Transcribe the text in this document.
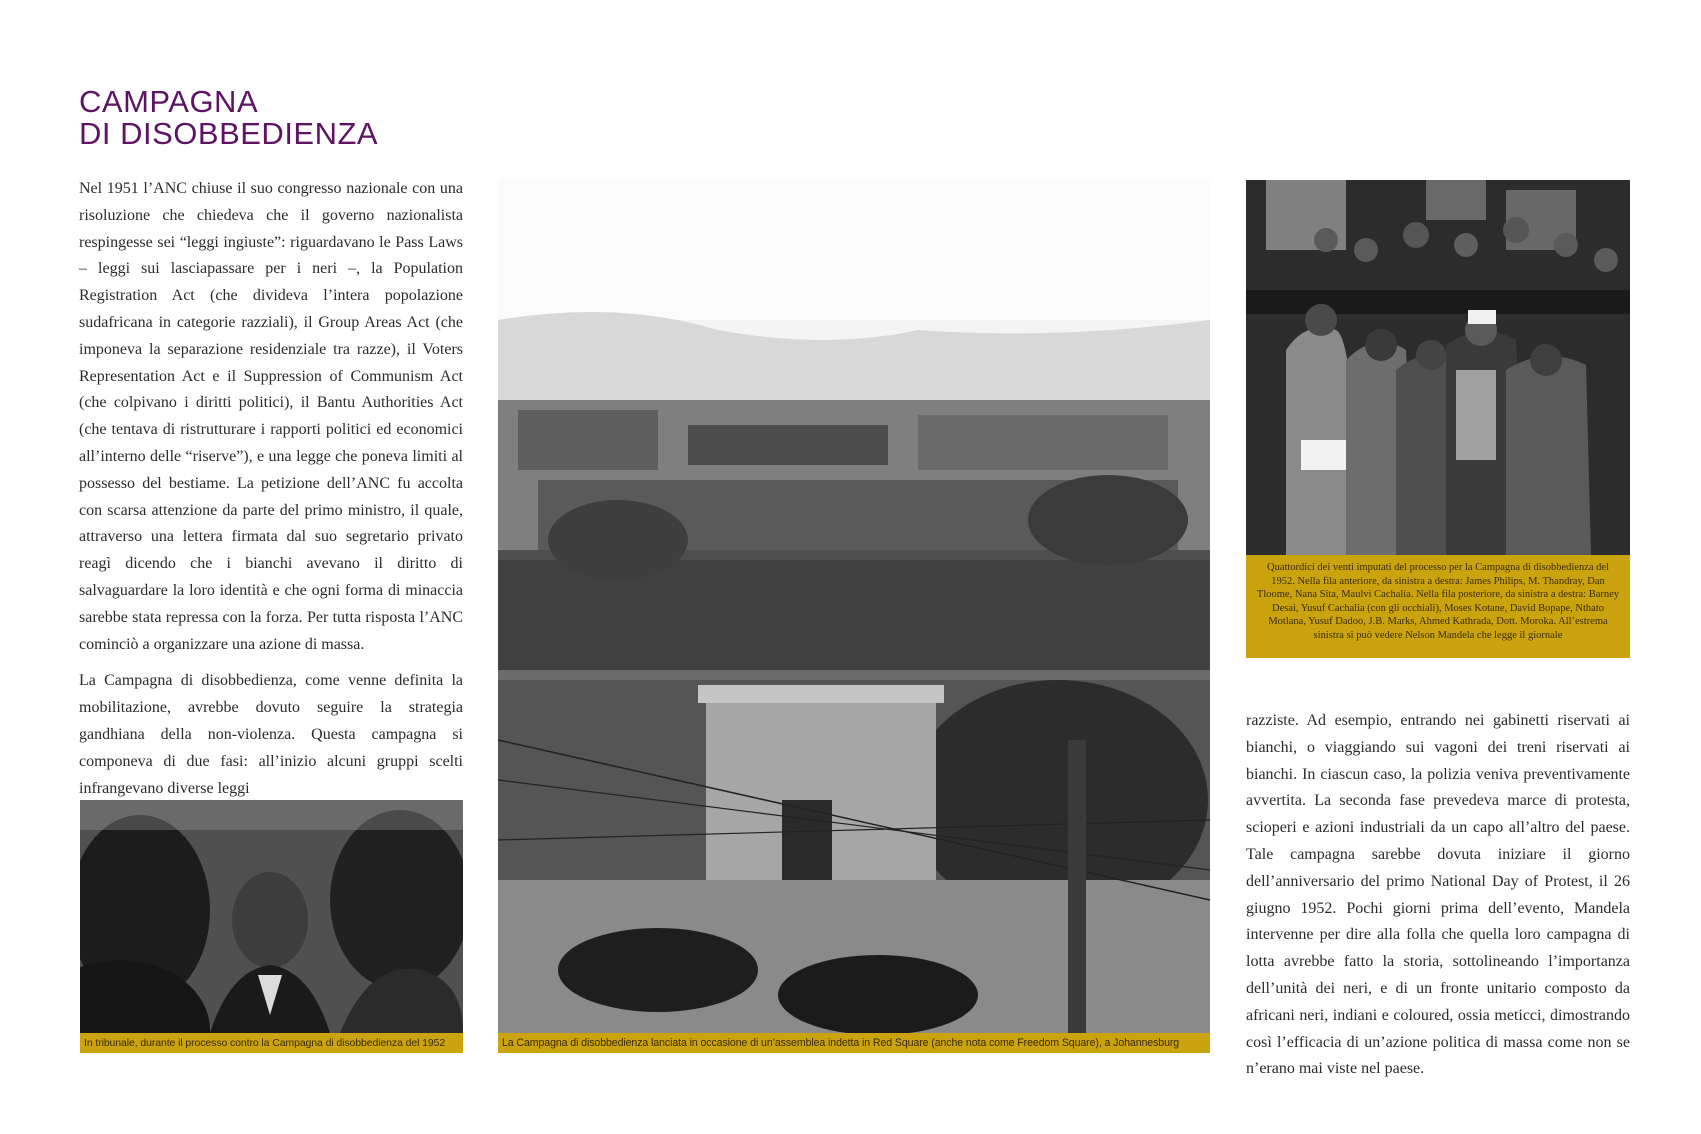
CAMPAGNA
DI DISOBBEDIENZA

Nel 1951 l’ANC chiuse il suo congresso nazionale con una risoluzione che chiedeva che il governo nazionalista respingesse sei “leggi ingiuste”: riguardavano le Pass Laws – leggi sui lasciapassare per i neri –, la Population Registration Act (che divideva l’intera popolazione sudafricana in categorie razziali), il Group Areas Act (che imponeva la separazione residenziale tra razze), il Voters Representation Act e il Suppression of Communism Act (che colpivano i diritti politici), il Bantu Authorities Act (che tentava di ristrutturare i rapporti politici ed economici all’interno delle “riserve”), e una legge che poneva limiti al possesso del bestiame. La petizione dell’ANC fu accolta con scarsa attenzione da parte del primo ministro, il quale, attraverso una lettera firmata dal suo segretario privato reagì dicendo che i bianchi avevano il diritto di salvaguardare la loro identità e che ogni forma di minaccia sarebbe stata repressa con la forza. Per tutta risposta l’ANC cominciò a organizzare una azione di massa.

La Campagna di disobbedienza, come venne definita la mobilitazione, avrebbe dovuto seguire la strategia gandhiana della non-violenza. Questa campagna si componeva di due fasi: all’inizio alcuni gruppi scelti infrangevano diverse leggi

In tribunale, durante il processo contro la Campagna di disobbedienza del 1952	La Campagna di disobbedienza lanciata in occasione di un’assemblea indetta in Red Square (anche nota come Freedom Square), a Johannesburg
Quattordici dei venti imputati del processo per la Campagna di disobbedienza del 1952. Nella fila anteriore, da sinistra a destra: James Philips, M. Thandray, Dan Tloome, Nana Sita, Maulvi Cachalia. Nella fila posteriore, da sinistra a destra: Barney Desai, Yusuf Cachalia (con gli occhiali), Moses Kotane, David Bopape, Nthato Motlana, Yusuf Dadoo, J.B. Marks, Ahmed Kathrada, Dott. Moroka. All’estrema sinistra si può vedere Nelson Mandela che legge il giornale

razziste. Ad esempio, entrando nei gabinetti riservati ai bianchi, o viaggiando sui vagoni dei treni riservati ai bianchi. In ciascun caso, la polizia veniva preventivamente avvertita. La seconda fase prevedeva marce di protesta, scioperi e azioni industriali da un capo all’altro del paese. Tale campagna sarebbe dovuta iniziare il giorno dell’anniversario del primo National Day of Protest, il 26 giugno 1952. Pochi giorni prima dell’evento, Mandela intervenne per dire alla folla che quella loro campagna di lotta avrebbe fatto la storia, sottolineando l’importanza dell’unità dei neri, e di un fronte unitario composto da africani neri, indiani e coloured, ossia meticci, dimostrando così l’efficacia di un’azione politica di massa come non se n’erano mai viste nel paese.
